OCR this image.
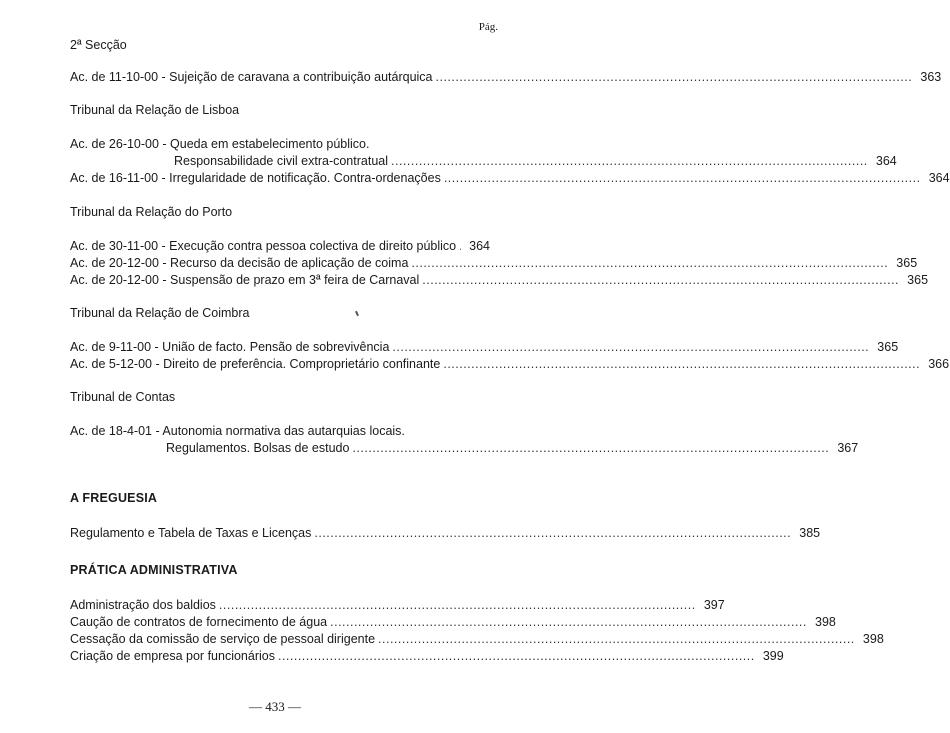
Pág.
2ª Secção
Ac. de 11-10-00 - Sujeição de caravana a contribuição autárquica ........................................................................................................................ 363
Tribunal da Relação de Lisboa
Ac. de 26-10-00 - Queda em estabelecimento público.
Responsabilidade civil extra-contratual ........................................................................................................................ 364
Ac. de 16-11-00 - Irregularidade de notificação. Contra-ordenações ........................................................................................................................ 364
Tribunal da Relação do Porto
Ac. de 30-11-00 - Execução contra pessoa colectiva de direito público	364
Ac. de 20-12-00 - Recurso da decisão de aplicação de coima ........................................................................................................................ 365
Ac. de 20-12-00 - Suspensão de prazo em 3ª feira de Carnaval ........................................................................................................................ 365
Tribunal da Relação de Coimbra
Ac. de 9-11-00 - União de facto. Pensão de sobrevivência ........................................................................................................................ 365
Ac. de 5-12-00 - Direito de preferência. Comproprietário confinante ........................................................................................................................ 366
Tribunal de Contas
Ac. de 18-4-01 - Autonomia normativa das autarquias locais.
Regulamentos. Bolsas de estudo ........................................................................................................................ 367
A FREGUESIA
Regulamento e Tabela de Taxas e Licenças ........................................................................................................................ 385
PRÁTICA ADMINISTRATIVA
Administração dos baldios ........................................................................................................................ 397
Caução de contratos de fornecimento de água ........................................................................................................................ 398
Cessação da comissão de serviço de pessoal dirigente ........................................................................................................................ 398
Criação de empresa por funcionários ........................................................................................................................ 399
— 433 —
